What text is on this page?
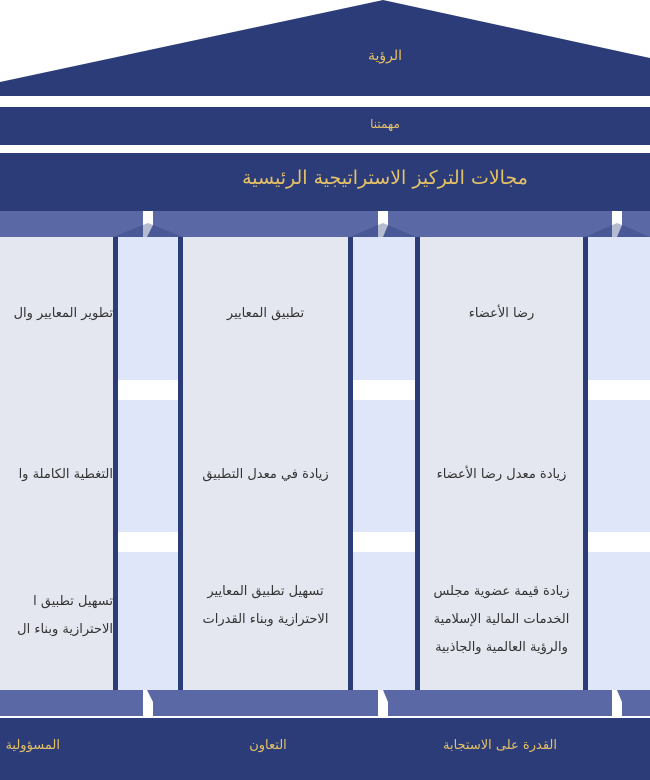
الرؤية
مهمتنا
مجالات التركيز الاستراتيجية الرئيسية
رضا الأعضاء
زيادة معدل رضا الأعضاء
زيادة قيمة عضوية مجلس الخدمات المالية الإسلامية والرؤية العالمية والجاذبية
تطبيق المعايير
زيادة في معدل التطبيق
تسهيل تطبيق المعايير الاحترازية وبناء القدرات
تطوير المعايير وال
التغطية الكاملة وا
تسهيل تطبيق ا
الاحترازية وبناء ال
القدرة على الاستجابة
التعاون
المسؤولية
